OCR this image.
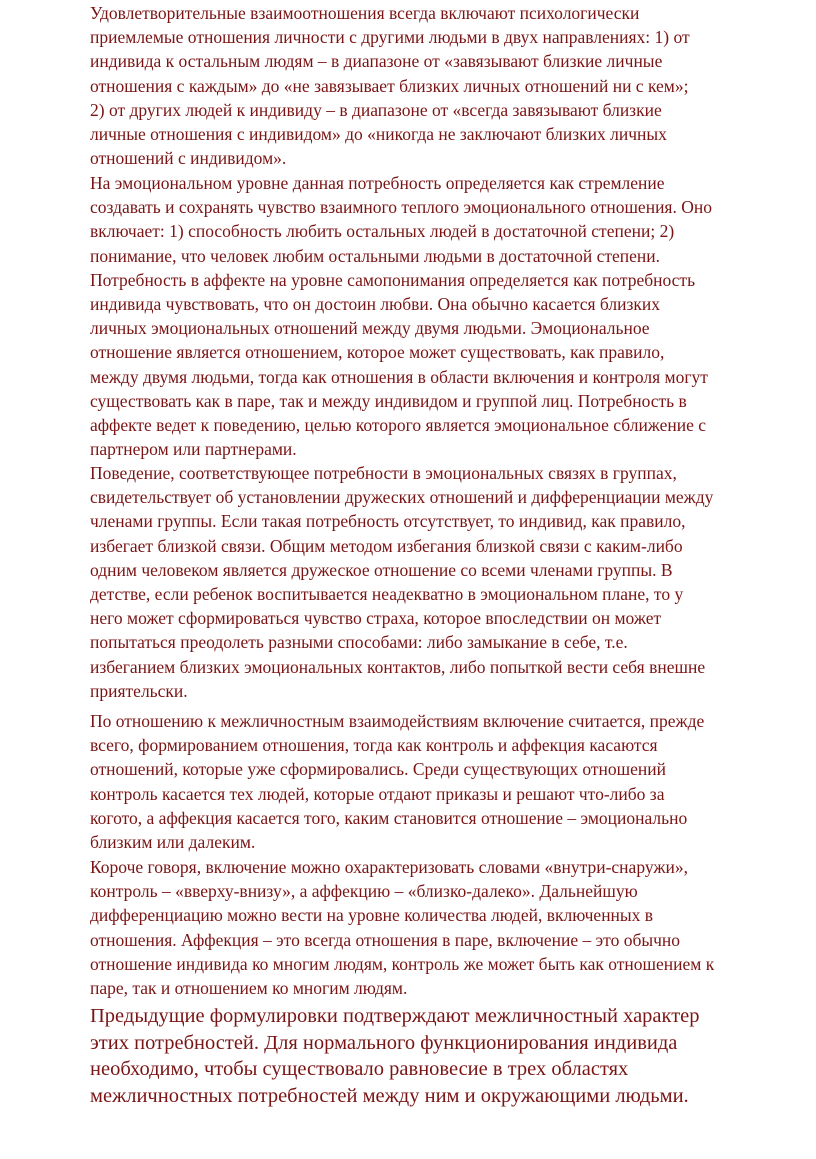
Удовлетворительные взаимоотношения всегда включают психологически
приемлемые отношения личности с другими людьми в двух направлениях: 1) от
индивида к остальным людям – в диапазоне от «завязывают близкие личные
отношения с каждым» до «не завязывает близких личных отношений ни с кем»;
2) от других людей к индивиду – в диапазоне от «всегда завязывают близкие
личные отношения с индивидом» до «никогда не заключают близких личных
отношений с индивидом».

На эмоциональном уровне данная потребность определяется как стремление
создавать и сохранять чувство взаимного теплого эмоционального отношения. Оно
включает: 1) способность любить остальных людей в достаточной степени; 2)
понимание, что человек любим остальными людьми в достаточной степени.
Потребность в аффекте на уровне самопонимания определяется как потребность
индивида чувствовать, что он достоин любви. Она обычно касается близких
личных эмоциональных отношений между двумя людьми. Эмоциональное
отношение является отношением, которое может существовать, как правило,
между двумя людьми, тогда как отношения в области включения и контроля могут
существовать как в паре, так и между индивидом и группой лиц. Потребность в
аффекте ведет к поведению, целью которого является эмоциональное сближение с
партнером или партнерами.

Поведение, соответствующее потребности в эмоциональных связях в группах,
свидетельствует об установлении дружеских отношений и дифференциации между
членами группы. Если такая потребность отсутствует, то индивид, как правило,
избегает близкой связи. Общим методом избегания близкой связи с каким-либо
одним человеком является дружеское отношение со всеми членами группы. В
детстве, если ребенок воспитывается неадекватно в эмоциональном плане, то у
него может сформироваться чувство страха, которое впоследствии он может
попытаться преодолеть разными способами: либо замыкание в себе, т.е.
избеганием близких эмоциональных контактов, либо попыткой вести себя внешне
приятельски.

По отношению к межличностным взаимодействиям включение считается, прежде
всего, формированием отношения, тогда как контроль и аффекция касаются
отношений, которые уже сформировались. Среди существующих отношений
контроль касается тех людей, которые отдают приказы и решают что-либо за
когото, а аффекция касается того, каким становится отношение – эмоционально
близким или далеким.

Короче говоря, включение можно охарактеризовать словами «внутри-снаружи»,
контроль – «вверху-внизу», а аффекцию – «близко-далеко». Дальнейшую
дифференциацию можно вести на уровне количества людей, включенных в
отношения. Аффекция – это всегда отношения в паре, включение – это обычно
отношение индивида ко многим людям, контроль же может быть как отношением к
паре, так и отношением ко многим людям.

Предыдущие формулировки подтверждают межличностный характер
этих потребностей. Для нормального функционирования индивида
необходимо, чтобы существовало равновесие в трех областях
межличностных потребностей между ним и окружающими людьми.
